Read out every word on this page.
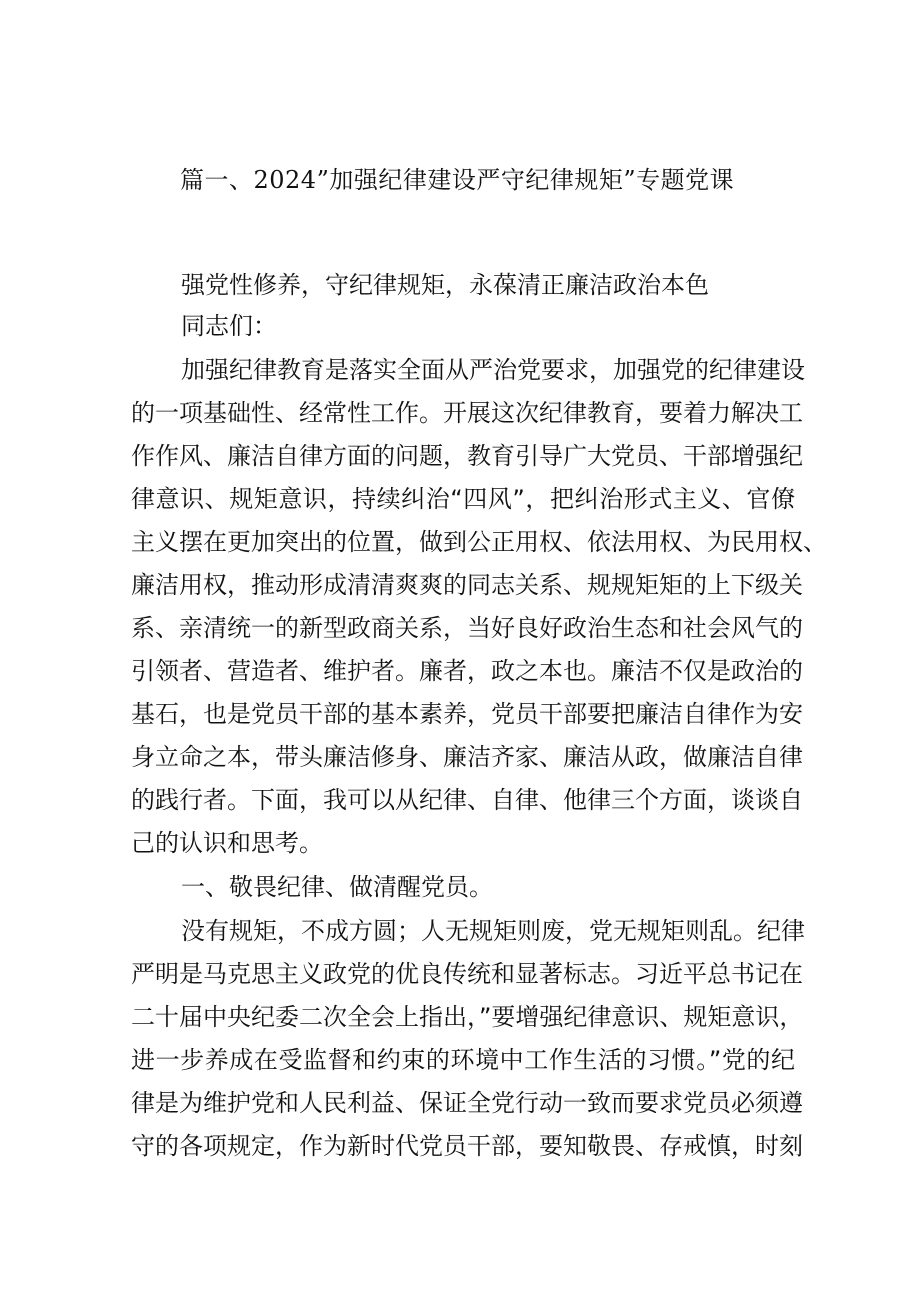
篇一、2024”加强纪律建设严守纪律规矩”专题党课
强党性修养，守纪律规矩，永葆清正廉洁政治本色
同志们：
加强纪律教育是落实全面从严治党要求，加强党的纪律建设
的一项基础性、经常性工作。开展这次纪律教育，要着力解决工
作作风、廉洁自律方面的问题，教育引导广大党员、干部增强纪
律意识、规矩意识，持续纠治“四风”，把纠治形式主义、官僚
主义摆在更加突出的位置，做到公正用权、依法用权、为民用权、
廉洁用权，推动形成清清爽爽的同志关系、规规矩矩的上下级关
系、亲清统一的新型政商关系，当好良好政治生态和社会风气的
引领者、营造者、维护者。廉者，政之本也。廉洁不仅是政治的
基石，也是党员干部的基本素养，党员干部要把廉洁自律作为安
身立命之本，带头廉洁修身、廉洁齐家、廉洁从政，做廉洁自律
的践行者。下面，我可以从纪律、自律、他律三个方面，谈谈自
己的认识和思考。
一、敬畏纪律、做清醒党员。
没有规矩，不成方圆；人无规矩则废，党无规矩则乱。纪律
严明是马克思主义政党的优良传统和显著标志。习近平总书记在
二十届中央纪委二次全会上指出，”要增强纪律意识、规矩意识，
进一步养成在受监督和约束的环境中工作生活的习惯。”党的纪
律是为维护党和人民利益、保证全党行动一致而要求党员必须遵
守的各项规定，作为新时代党员干部，要知敬畏、存戒慎，时刻
